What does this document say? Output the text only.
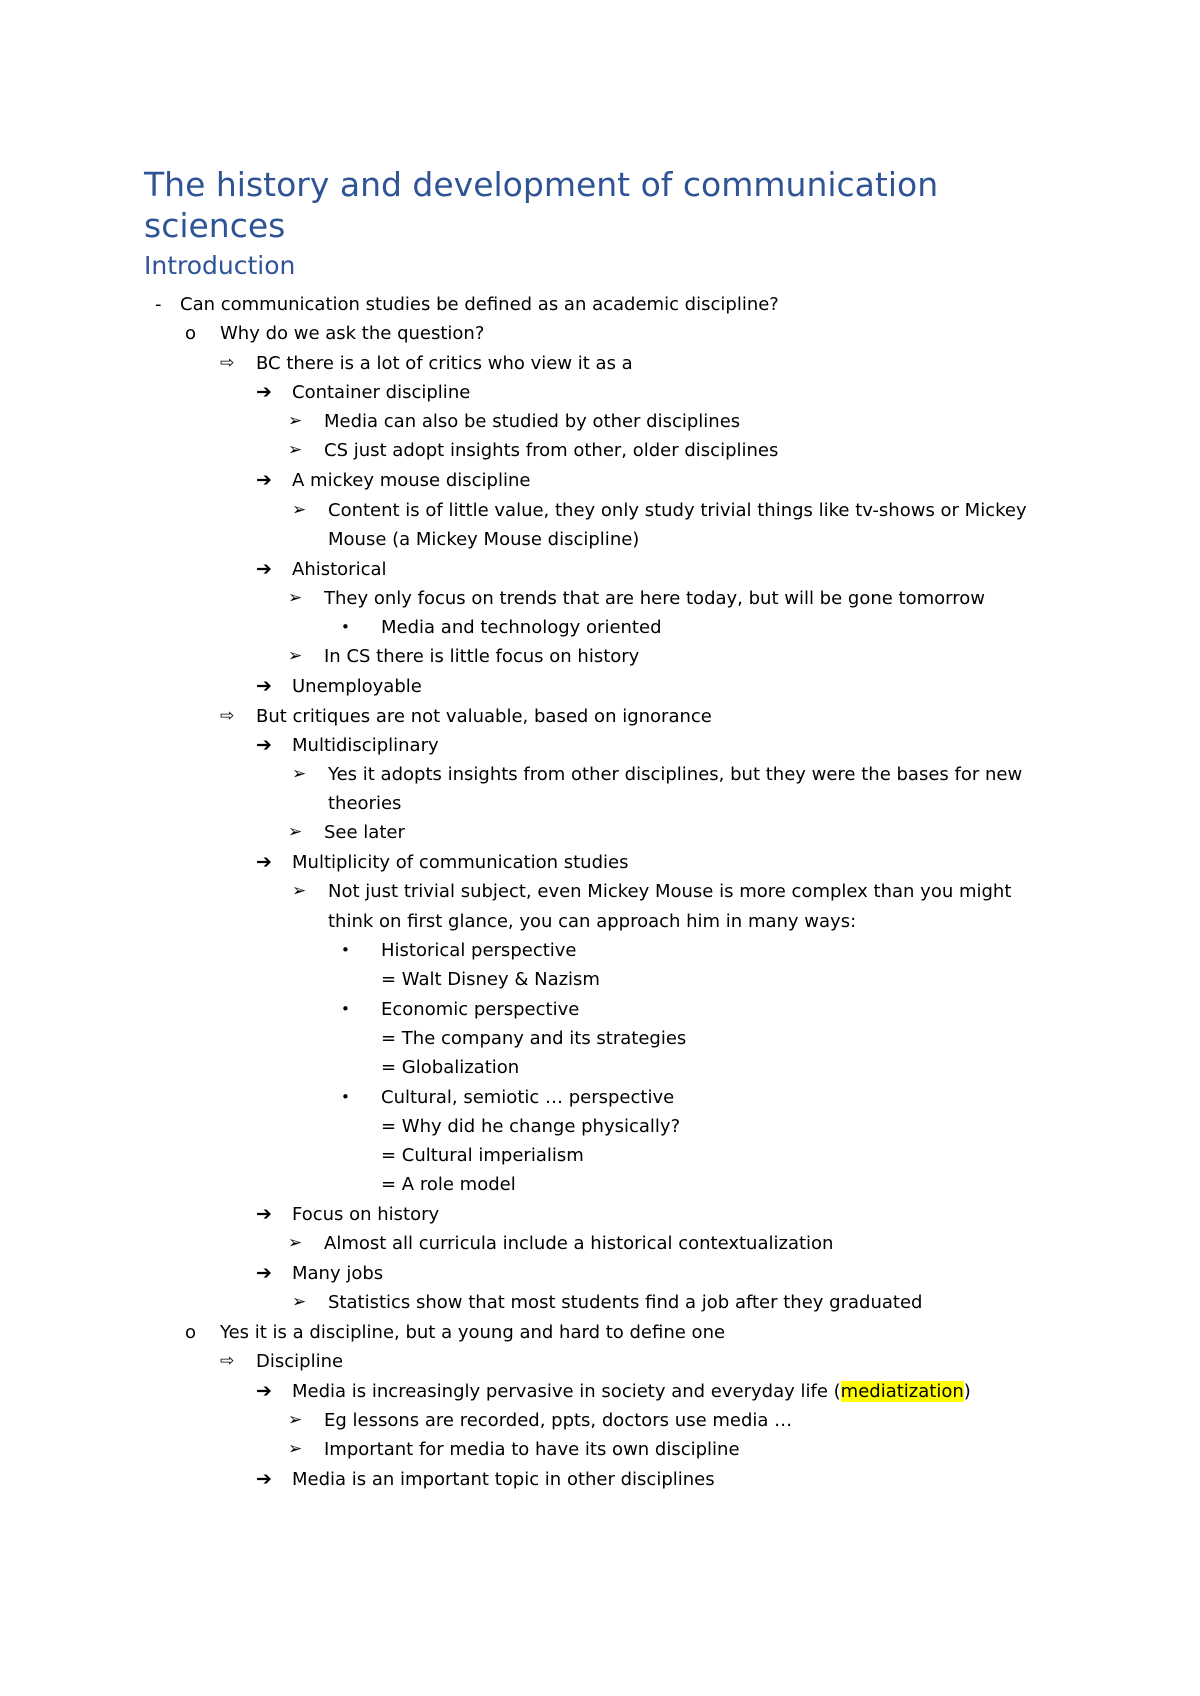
The history and development of communication sciences
Introduction
- Can communication studies be defined as an academic discipline?
o Why do we ask the question?
⇨ BC there is a lot of critics who view it as a
➔ Container discipline
➢ Media can also be studied by other disciplines
➢ CS just adopt insights from other, older disciplines
➔ A mickey mouse discipline
➢ Content is of little value, they only study trivial things like tv-shows or Mickey
Mouse (a Mickey Mouse discipline)
➔ Ahistorical
➢ They only focus on trends that are here today, but will be gone tomorrow
• Media and technology oriented
➢ In CS there is little focus on history
➔ Unemployable
⇨ But critiques are not valuable, based on ignorance
➔ Multidisciplinary
➢ Yes it adopts insights from other disciplines, but they were the bases for new
theories
➢ See later
➔ Multiplicity of communication studies
➢ Not just trivial subject, even Mickey Mouse is more complex than you might
think on first glance, you can approach him in many ways:
• Historical perspective
= Walt Disney & Nazism
• Economic perspective
= The company and its strategies
= Globalization
• Cultural, semiotic … perspective
= Why did he change physically?
= Cultural imperialism
= A role model
➔ Focus on history
➢ Almost all curricula include a historical contextualization
➔ Many jobs
➢ Statistics show that most students find a job after they graduated
o Yes it is a discipline, but a young and hard to define one
⇨ Discipline
➔ Media is increasingly pervasive in society and everyday life (mediatization)
➢ Eg lessons are recorded, ppts, doctors use media …
➢ Important for media to have its own discipline
➔ Media is an important topic in other disciplines
